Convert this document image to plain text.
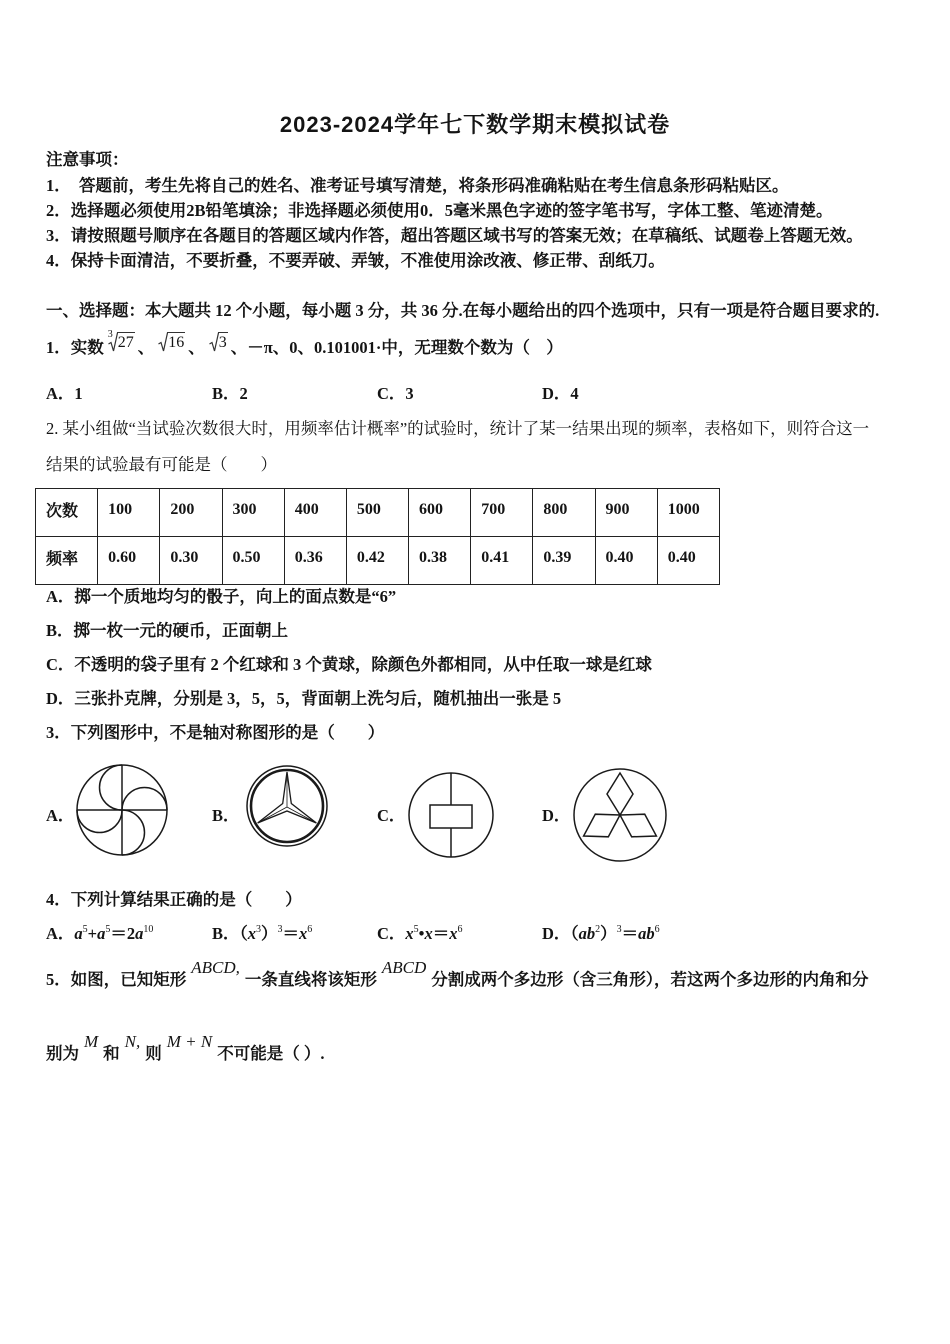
2023-2024学年七下数学期末模拟试卷
注意事项：
1．  答题前，考生先将自己的姓名、准考证号填写清楚，将条形码准确粘贴在考生信息条形码粘贴区。
2．选择题必须使用2B铅笔填涂；非选择题必须使用0．5毫米黑色字迹的签字笔书写，字体工整、笔迹清楚。
3．请按照题号顺序在各题目的答题区域内作答，超出答题区域书写的答案无效；在草稿纸、试题卷上答题无效。
4．保持卡面清洁，不要折叠，不要弄破、弄皱，不准使用涂改液、修正带、刮纸刀。
一、选择题：本大题共 12 个小题，每小题 3 分，共 36 分.在每小题给出的四个选项中，只有一项是符合题目要求的.
1．实数3 27 、 16 、 3 、－π、0、0.101001·中，无理数个数为（　）
A．1	B．2	C．3	D．4
2. 某小组做“当试验次数很大时，用频率估计概率”的试验时，统计了某一结果出现的频率，表格如下，则符合这一
结果的试验最有可能是（　　）
次数	100	200	300	400	500	600	700	800	900	1000
频率	0.60	0.30	0.50	0.36	0.42	0.38	0.41	0.39	0.40	0.40
A．掷一个质地均匀的骰子，向上的面点数是“6”
B．掷一枚一元的硬币，正面朝上
C．不透明的袋子里有 2 个红球和 3 个黄球，除颜色外都相同，从中任取一球是红球
D．三张扑克牌，分别是 3，5，5，背面朝上洗匀后，随机抽出一张是 5
3．下列图形中，不是轴对称图形的是（　　）
A．	B．	C．	D．
4．下列计算结果正确的是（　　）
A．$a^5+a^5=2a^{10}$	B．$(x^3)^3=x^6$	C．$x^5•x=x^6$	D．$(ab^2)^3=ab^6$
5．如图，已知矩形ABCD,一条直线将该矩形ABCD分割成两个多边形（含三角形），若这两个多边形的内角和分
别为M和N,则M + N不可能是（ ）.
